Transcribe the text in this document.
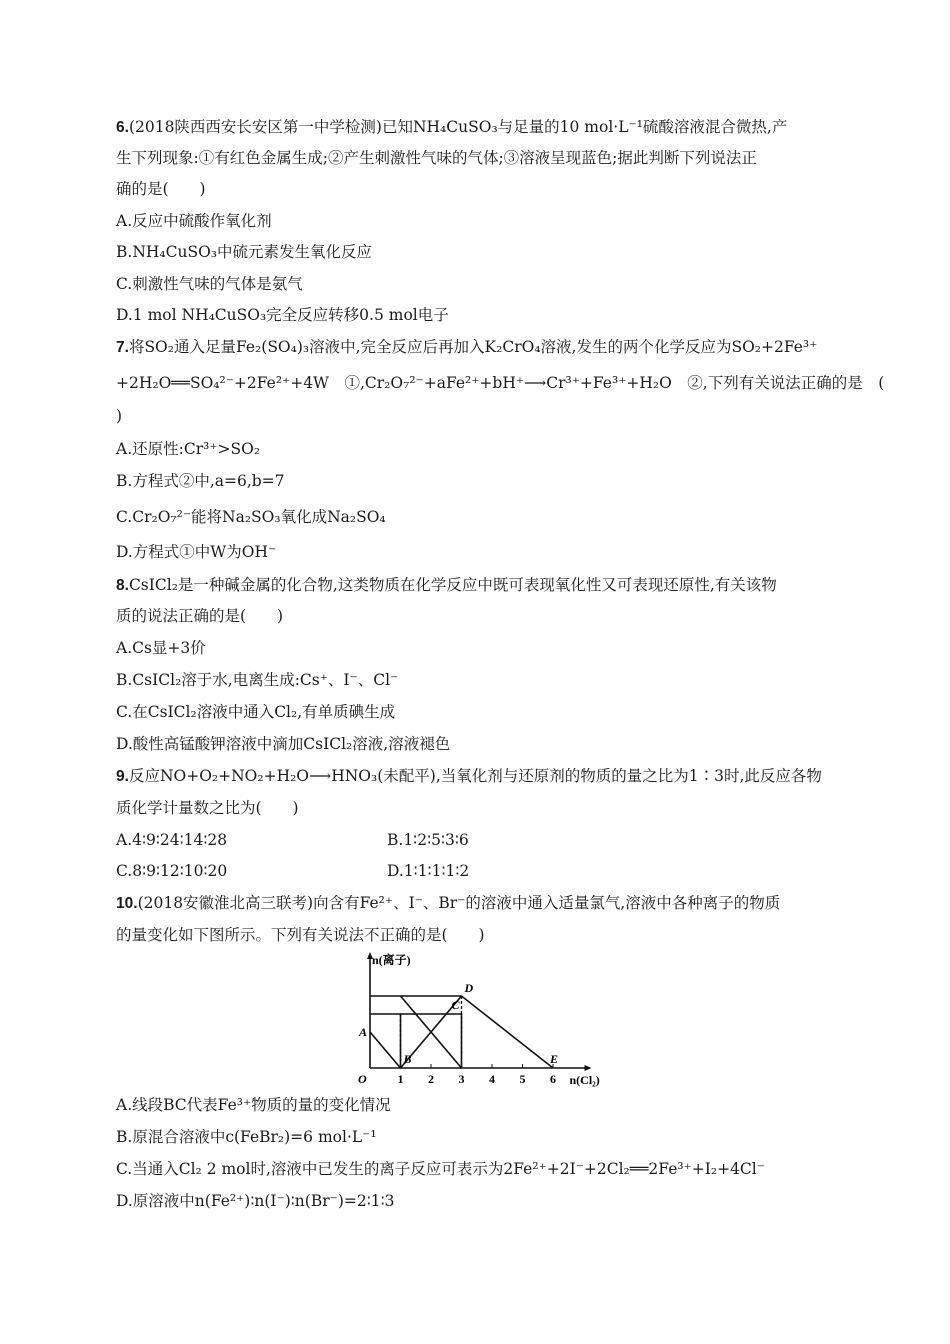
6.(2018陕西西安长安区第一中学检测)已知NH₄CuSO₃与足量的10 mol·L⁻¹硫酸溶液混合微热,产
生下列现象:①有红色金属生成;②产生刺激性气味的气体;③溶液呈现蓝色;据此判断下列说法正
确的是(　　)
A.反应中硫酸作氧化剂
B.NH₄CuSO₃中硫元素发生氧化反应
C.刺激性气味的气体是氨气
D.1 mol NH₄CuSO₃完全反应转移0.5 mol电子
7.将SO₂通入足量Fe₂(SO₄)₃溶液中,完全反应后再加入K₂CrO₄溶液,发生的两个化学反应为SO₂+2Fe³⁺
+2H₂O══SO₄²⁻+2Fe²⁺+4W　①,Cr₂O₇²⁻+aFe²⁺+bH⁺⟶Cr³⁺+Fe³⁺+H₂O　②,下列有关说法正确的是　(
)
A.还原性:Cr³⁺>SO₂
B.方程式②中,a=6,b=7
C.Cr₂O₇²⁻能将Na₂SO₃氧化成Na₂SO₄
D.方程式①中W为OH⁻
8.CsICl₂是一种碱金属的化合物,这类物质在化学反应中既可表现氧化性又可表现还原性,有关该物
质的说法正确的是(　　)
A.Cs显+3价
B.CsICl₂溶于水,电离生成:Cs⁺、I⁻、Cl⁻
C.在CsICl₂溶液中通入Cl₂,有单质碘生成
D.酸性高锰酸钾溶液中滴加CsICl₂溶液,溶液褪色
9.反应NO+O₂+NO₂+H₂O⟶HNO₃(未配平),当氧化剂与还原剂的物质的量之比为1∶3时,此反应各物
质化学计量数之比为(　　)
A.4∶9∶24∶14∶28	B.1∶2∶5∶3∶6
C.8∶9∶12∶10∶20	D.1∶1∶1∶1∶2
10.(2018安徽淮北高三联考)向含有Fe²⁺、I⁻、Br⁻的溶液中通入适量氯气,溶液中各种离子的物质
的量变化如下图所示。下列有关说法不正确的是(　　)
1 2 3 4 5 6
O
n(离子)
n(Cl₂)
A
B
C
D
E
A.线段BC代表Fe³⁺物质的量的变化情况
B.原混合溶液中c(FeBr₂)=6 mol·L⁻¹
C.当通入Cl₂ 2 mol时,溶液中已发生的离子反应可表示为2Fe²⁺+2I⁻+2Cl₂══2Fe³⁺+I₂+4Cl⁻
D.原溶液中n(Fe²⁺)∶n(I⁻)∶n(Br⁻)=2∶1∶3
